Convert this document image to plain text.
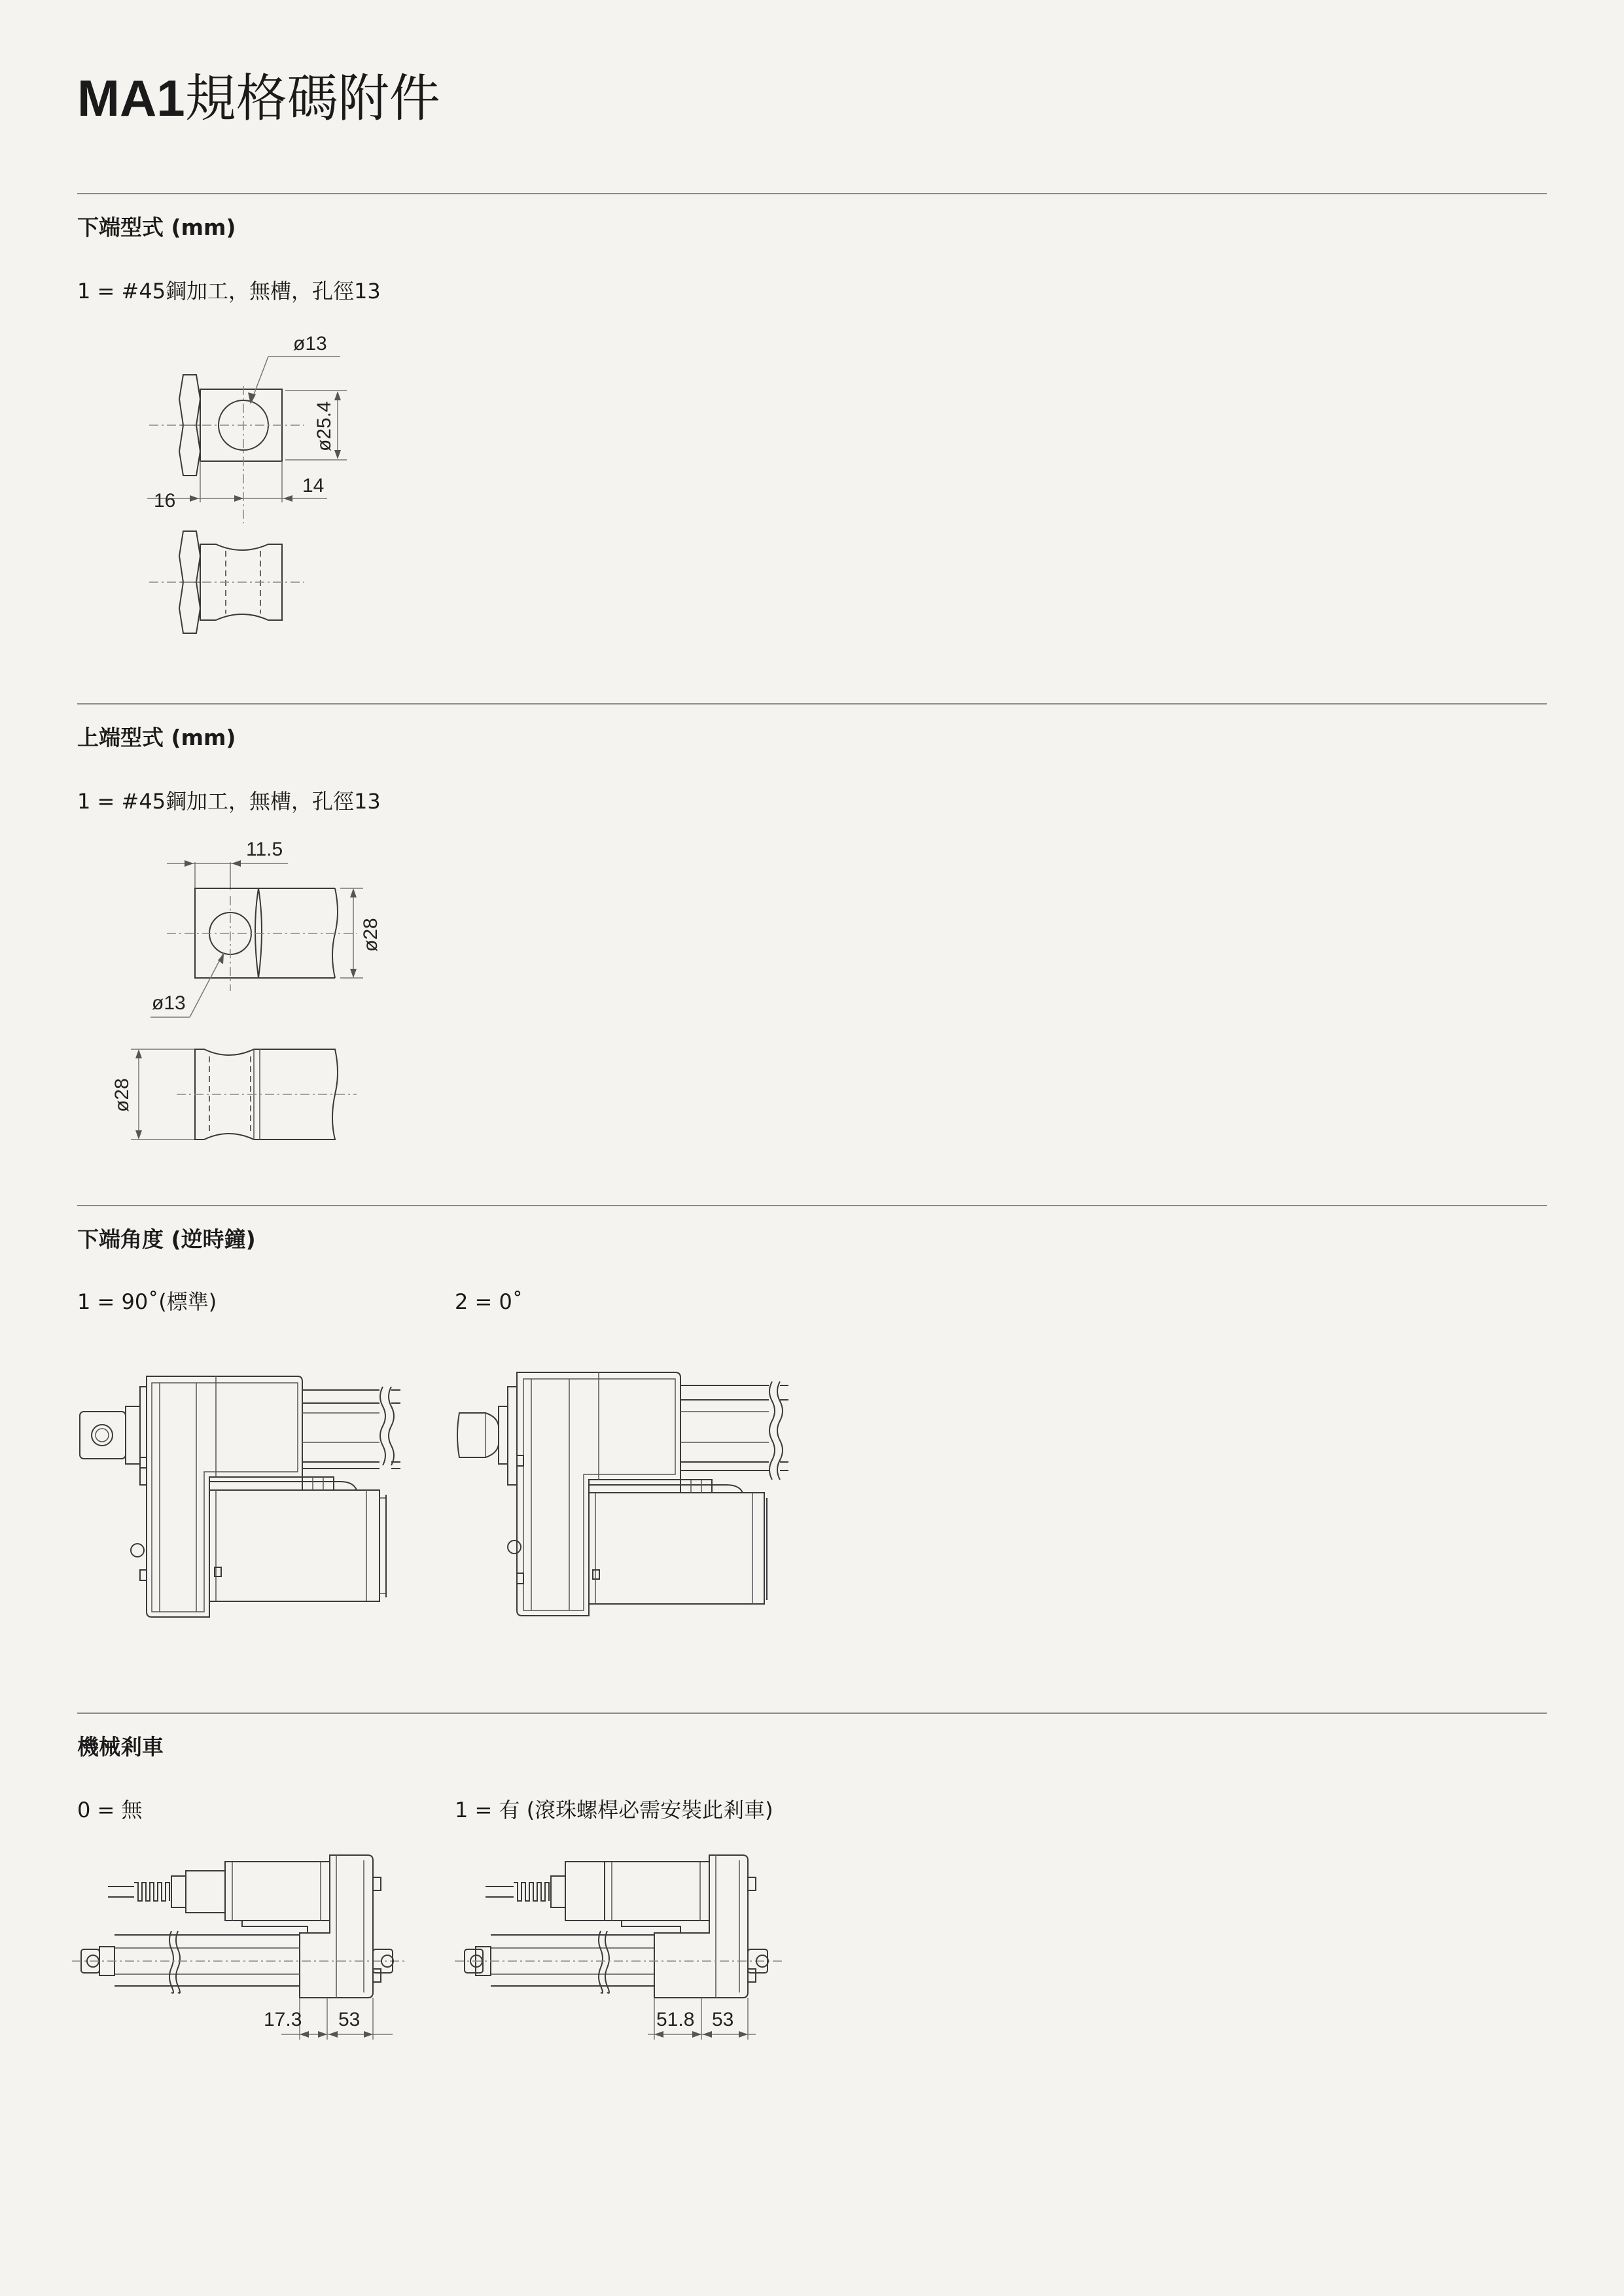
MA1規格碼附件
下端型式 (mm)
1 = #45鋼加工，無槽，孔徑13
ø13
ø25.4
16
14
上端型式 (mm)
1 = #45鋼加工，無槽，孔徑13
11.5
ø28
ø13
ø28
下端角度 (逆時鐘)
1 = 90˚(標準)	2 = 0˚
機械剎車
0 = 無	1 = 有 (滾珠螺桿必需安裝此剎車)
17.3 53	51.8 53
